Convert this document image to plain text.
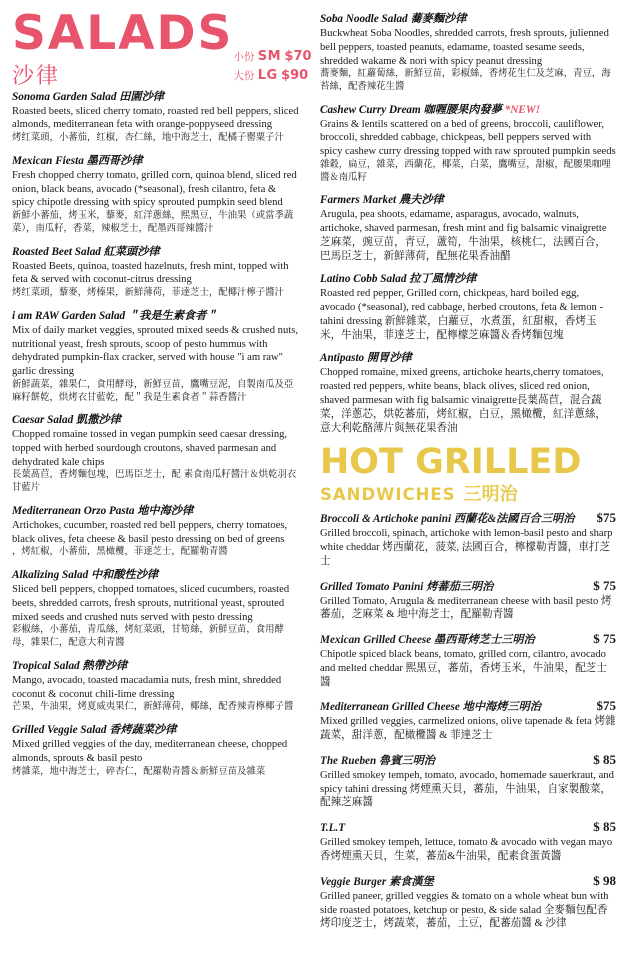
SALADS
沙律
小份 SM $70
大份 LG $90
Sonoma Garden Salad 田園沙律
Roasted beets, sliced cherry tomato, roasted red bell peppers, sliced almonds, mediterranean feta with orange-poppyseed dressing
烤红菜頭，小蕃茄，红椒，杏仁絲，地中海芝士，配橘子罌粟子汁
Mexican Fiesta 墨西哥沙律
Fresh chopped cherry tomato, grilled corn, quinoa blend, sliced red onion, black beans, avocado (*seasonal), fresh cilantro, feta & spicy chipotle dressing with spicy sprouted pumpkin seed blend
新鮮小蕃茄，烤玉米，藜麥，紅洋蔥絲，熙黑豆，牛油果（或當季蔬菜），南瓜籽，香菜，辣椒芝士，配墨西哥辣醬汁
Roasted Beet Salad 紅菜頭沙律
Roasted Beets, quinoa, toasted hazelnuts, fresh mint, topped with feta & served with coconut-citrus dressing
烤红菜頭，藜麥，烤榛果，新鮮薄荷，菲達芝士，配椰汁檸子醬汁
i am RAW Garden Salad ＂我是生素食者＂
Mix of daily market veggies, sprouted mixed seeds & crushed nuts, nutritional yeast, fresh sprouts, scoop of pesto hummus with dehydrated pumpkin-flax cracker, served with house "i am raw" garlic dressing
新鮮蔬菜，雜果仁，食用酵母，新鮮豆苗，鷹嘴豆泥，自製南瓜及亞麻籽餅乾，烘烤衣甘藍乾，配＂我是生素食者＂蒜香醬汁
Caesar Salad 凱撒沙律
Chopped romaine tossed in vegan pumpkin seed caesar dressing, topped with herbed sourdough croutons, shaved parmesan and dehydrated kale chips
長葉萵苣，香烤麵包塊，巴馬臣芝士，配 素食南瓜籽醬汁＆烘乾羽衣甘藍片
Mediterranean Orzo Pasta 地中海沙律
Artichokes, cucumber, roasted red bell peppers, cherry tomatoes, black olives, feta cheese & basil pesto dressing on bed of greens
，烤紅椒，小蕃茄，黑橄欖，菲達芝士，配羅勒青醬
Alkalizing Salad 中和酸性沙律
Sliced bell peppers, chopped tomatoes, sliced cucumbers, roasted beets, shredded carrots, fresh sprouts, nutritional yeast, sprouted mixed seeds and crushed nuts served with pesto dressing
彩椒絲，小蕃茄，青瓜絲，烤紅菜頭，甘筍絲，新鮮豆苗，食用酵母，雜果仁，配意大利青醬
Tropical Salad 熱帶沙律
Mango, avocado, toasted macadamia nuts, fresh mint, shredded coconut & coconut chili-lime dressing
芒果，牛油果，烤夏威夷果仁，新鮮薄荷，椰絲，配香辣青檸椰子醬
Grilled Veggie Salad 香烤蔬菜沙律
Mixed grilled veggies of the day, mediterranean cheese, chopped almonds, sprouts & basil pesto
烤雜菜，地中海芝士，碎杏仁，配羅勒青醬＆新鮮豆苗及雜菜
Soba Noodle Salad 蕎麥麵沙律
Buckwheat Soba Noodles, shredded carrots, fresh sprouts, julienned bell peppers, toasted peanuts, edamame, toasted sesame seeds, shredded wakame & nori with spicy peanut dressing
蕎麥麵，紅蘿蔔絲，新鮮豆苗，彩椒絲，香烤花生仁及芝麻，青豆，海苔絲，配香辣花生醬
Cashew Curry Dream 咖喱腰果肉發夢 *NEW!
Grains & lentils scattered on a bed of greens, broccoli, cauliflower, broccoli, shredded cabbage, chickpeas, bell peppers served with spicy cashew curry dressing topped with raw sprouted pumpkin seeds
雜穀，扁豆，雜菜，西蘭花，椰菜，白菜，鷹嘴豆，甜椒，配腰果咖哩醬＆南瓜籽
Farmers Market 農夫沙律
Arugula, pea shoots, edamame, asparagus, avocado, walnuts, artichoke, shaved parmesan, fresh mint and fig balsamic vinaigrette 芝麻菜，豌豆苗，青豆，蘆筍，牛油果，核桃仁，法國百合，巴馬臣芝士，新鮮薄荷，配無花果香油醋
Latino Cobb Salad 拉丁風情沙律
Roasted red pepper, Grilled corn, chickpeas, hard boiled egg, avocado (*seasonal), red cabbage, herbed croutons, feta & lemon - tahini dressing 新鮮雜菜，白蘿豆，水煮蛋，紅甜椒，香烤玉米，牛油果，菲達芝士，配檸檬芝麻醬＆香烤麵包塊
Antipasto 開胃沙律
Chopped romaine, mixed greens, artichoke hearts,cherry tomatoes, roasted red peppers, white beans, black olives, sliced red onion, shaved parmesan with fig balsamic vinaigrette長葉萵苣，混合蔬菜，洋蔥芯，烘乾蕃茄，烤紅椒，白豆，黑橄欖，紅洋蔥絲，意大利乾酪薄片與無花果香油
HOT GRILLED
SANDWICHES 三明治
Broccoli & Artichoke panini 西蘭花&法國百合三明治	$75
Grilled broccoli, spinach, artichoke with lemon-basil pesto and sharp white cheddar 烤西蘭花，菠菜, 法國百合，檸檬勒青醬，車打芝士
Grilled Tomato Panini 烤蕃茄三明治	$ 75
Grilled Tomato, Arugula & mediterranean cheese with basil pesto 烤蕃茄，芝麻菜 & 地中海芝士，配羅勒青醬
Mexican Grilled Cheese 墨西哥烤芝士三明治	$ 75
Chipotle spiced black beans, tomato, grilled corn, cilantro, avocado and melted cheddar 熙黑豆，蕃茄，香烤玉米，牛油果，配芝士醬
Mediterranean Grilled Cheese 地中海烤三明治	$75
Mixed grilled veggies, carmelized onions, olive tapenade & feta 烤雜蔬菜，甜洋蔥，配橄欖醬 & 菲達芝士
The Rueben 魯賓三明治	$ 85
Grilled smokey tempeh, tomato, avocado, homemade sauerkraut, and spicy tahini dressing 烤煙熏天貝，蕃茄，牛油果，自家製酸菜，配辣芝麻醬
T.L.T	$ 85
Grilled smokey tempeh, lettuce, tomato & avocado with vegan mayo 香烤煙熏天貝，生菜，蕃茄&牛油果，配素食蛋黃醬
Veggie Burger 素食漢堡	$ 98
Grilled paneer, grilled veggies & tomato on a whole wheat bun with side roasted potatoes, ketchup or pesto, & side salad 全麥麵包配香烤印度芝士，烤蔬菜，蕃茄，土豆，配蕃茄醬 & 沙律
